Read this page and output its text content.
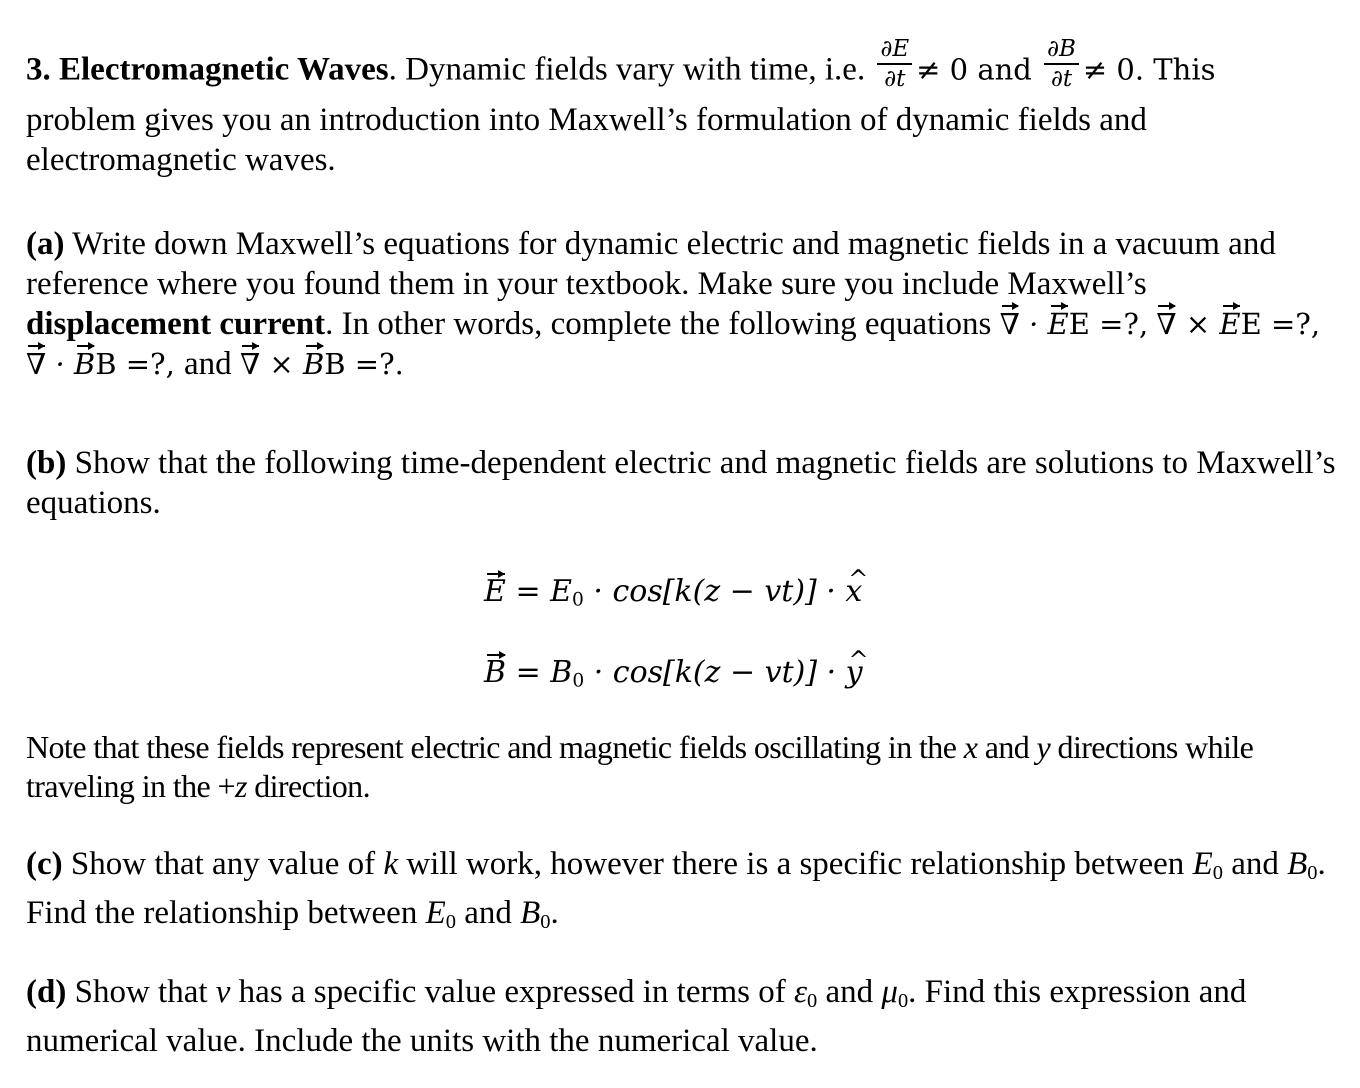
3. Electromagnetic Waves. Dynamic fields vary with time, i.e. $\frac{\partial E}{\partial t} \ne 0$ and $\frac{\partial B}{\partial t} \ne 0$. This
problem gives you an introduction into Maxwell’s formulation of dynamic fields and electromagnetic waves.

(a) Write down Maxwell’s equations for dynamic electric and magnetic fields in a vacuum and reference where you found them in your textbook. Make sure you include Maxwell’s displacement current. In other words, complete the following equations ∇ · EE =?, ∇ × EE =?, ∇ · BB =?, and ∇ × BB =?.

(b) Show that the following time-dependent electric and magnetic fields are solutions to Maxwell’s equations.

$E = E_0 \cdot \cos[k(z - vt)]$ · ^ x
$B = B_0 \cdot \cos[k(z - vt)]$ · ^ y

Note that these fields represent electric and magnetic fields oscillating in the x and y directions while traveling in the +z direction.

(c) Show that any value of k will work, however there is a specific relationship between $E_0$ and $B_0$. Find the relationship between $E_0$ and $B_0$.

(d) Show that v has a specific value expressed in terms of $\varepsilon_0$ and $\mu_0$. Find this expression and numerical value. Include the units with the numerical value.
